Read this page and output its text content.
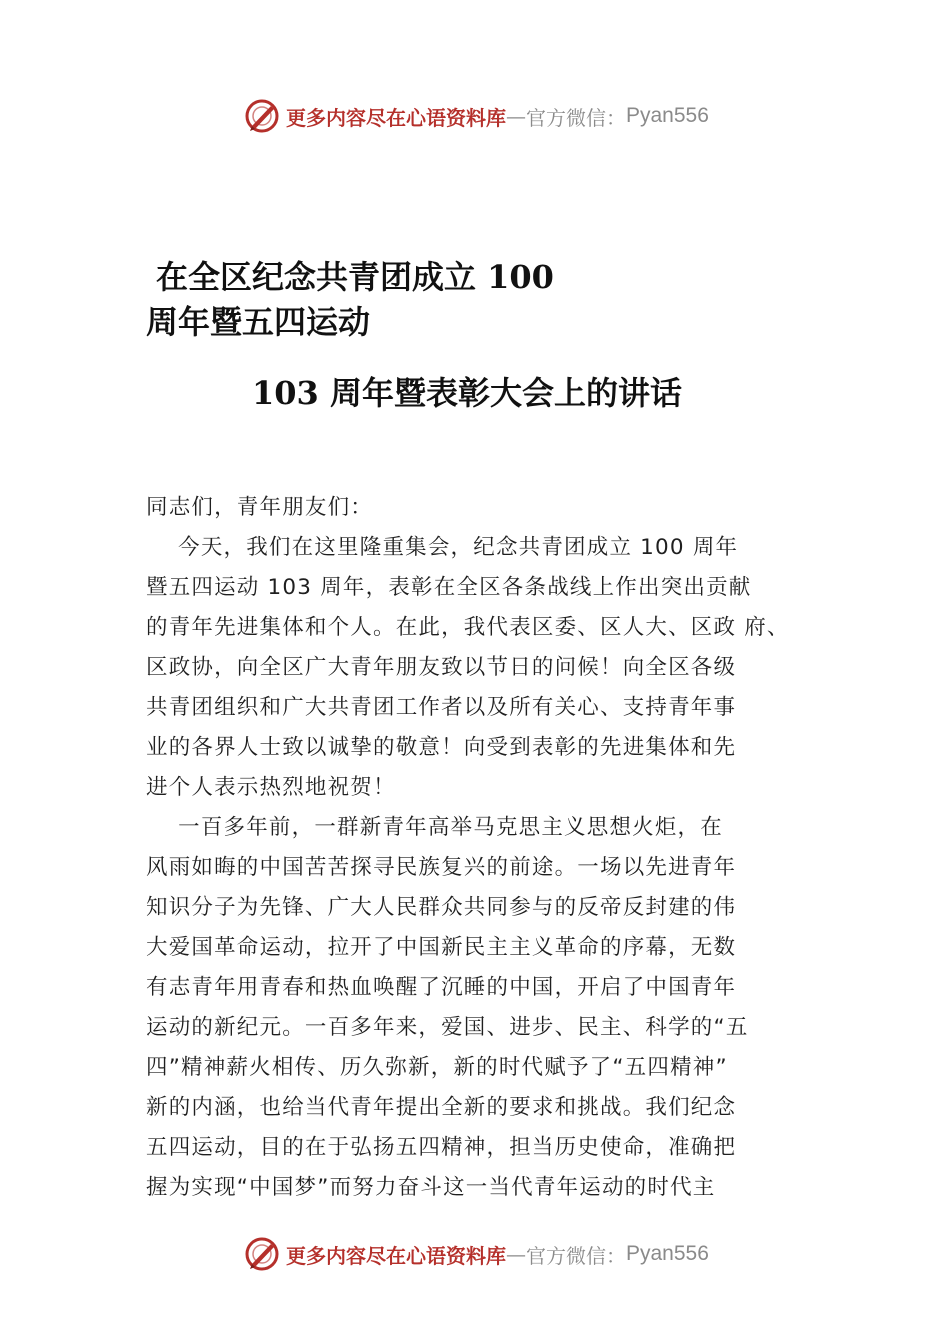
更多内容尽在心语资料库 — 官方微信： Pyan556
在全区纪念共青团成立 100
周年暨五四运动
103 周年暨表彰大会上的讲话
同志们，青年朋友们：
今天，我们在这里隆重集会，纪念共青团成立 100 周年
暨五四运动 103 周年，表彰在全区各条战线上作出突出贡献
的青年先进集体和个人。在此，我代表区委、区人大、区政 府、
区政协，向全区广大青年朋友致以节日的问候！向全区各级
共青团组织和广大共青团工作者以及所有关心、支持青年事
业的各界人士致以诚挚的敬意！向受到表彰的先进集体和先
进个人表示热烈地祝贺！
一百多年前，一群新青年高举马克思主义思想火炬，在
风雨如晦的中国苦苦探寻民族复兴的前途。一场以先进青年
知识分子为先锋、广大人民群众共同参与的反帝反封建的伟
大爱国革命运动，拉开了中国新民主主义革命的序幕，无数
有志青年用青春和热血唤醒了沉睡的中国，开启了中国青年
运动的新纪元。一百多年来，爱国、进步、民主、科学的“五
四”精神薪火相传、历久弥新，新的时代赋予了“五四精神”
新的内涵，也给当代青年提出全新的要求和挑战。我们纪念
五四运动，目的在于弘扬五四精神，担当历史使命，准确把
握为实现“中国梦”而努力奋斗这一当代青年运动的时代主
更多内容尽在心语资料库 — 官方微信： Pyan556
